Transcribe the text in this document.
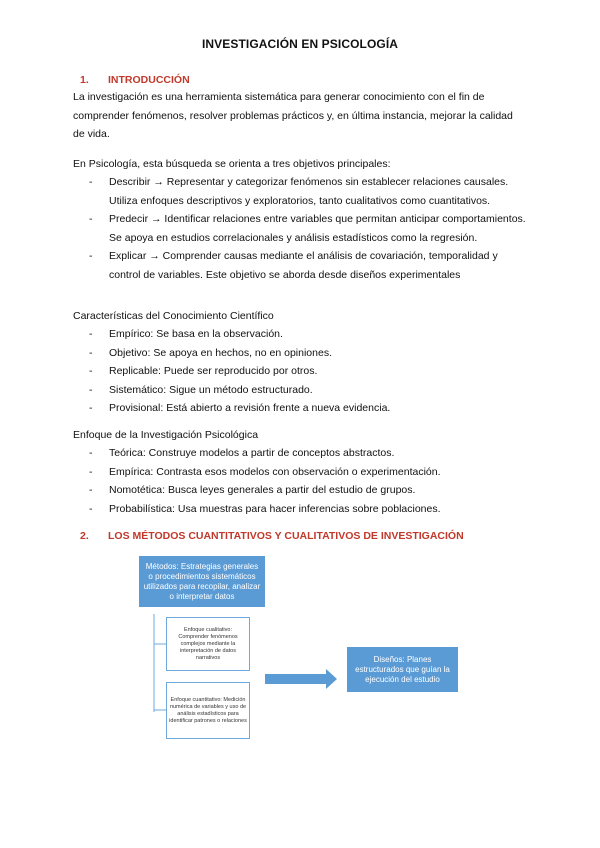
INVESTIGACIÓN EN PSICOLOGÍA
1.	INTRODUCCIÓN
La investigación es una herramienta sistemática para generar conocimiento con el fin de comprender fenómenos, resolver problemas prácticos y, en última instancia, mejorar la calidad de vida.
En Psicología, esta búsqueda se orienta a tres objetivos principales:
- Describir → Representar y categorizar fenómenos sin establecer relaciones causales. Utiliza enfoques descriptivos y exploratorios, tanto cualitativos como cuantitativos.
- Predecir → Identificar relaciones entre variables que permitan anticipar comportamientos. Se apoya en estudios correlacionales y análisis estadísticos como la regresión.
- Explicar → Comprender causas mediante el análisis de covariación, temporalidad y control de variables. Este objetivo se aborda desde diseños experimentales
Características del Conocimiento Científico
- Empírico: Se basa en la observación.
- Objetivo: Se apoya en hechos, no en opiniones.
- Replicable: Puede ser reproducido por otros.
- Sistemático: Sigue un método estructurado.
- Provisional: Está abierto a revisión frente a nueva evidencia.
Enfoque de la Investigación Psicológica
- Teórica: Construye modelos a partir de conceptos abstractos.
- Empírica: Contrasta esos modelos con observación o experimentación.
- Nomotética: Busca leyes generales a partir del estudio de grupos.
- Probabilística: Usa muestras para hacer inferencias sobre poblaciones.
2.	LOS MÉTODOS CUANTITATIVOS Y CUALITATIVOS DE INVESTIGACIÓN
Métodos: Estrategias generales o procedimientos sistemáticos utilizados para recopilar, analizar o interpretar datos
Enfoque cualitativo: Comprender fenómenos complejos mediante la interpretación de datos narrativos
Enfoque cuantitativo: Medición numérica de variables y uso de análisis estadísticos para identificar patrones o relaciones
Diseños: Planes estructurados que guían la ejecución del estudio
